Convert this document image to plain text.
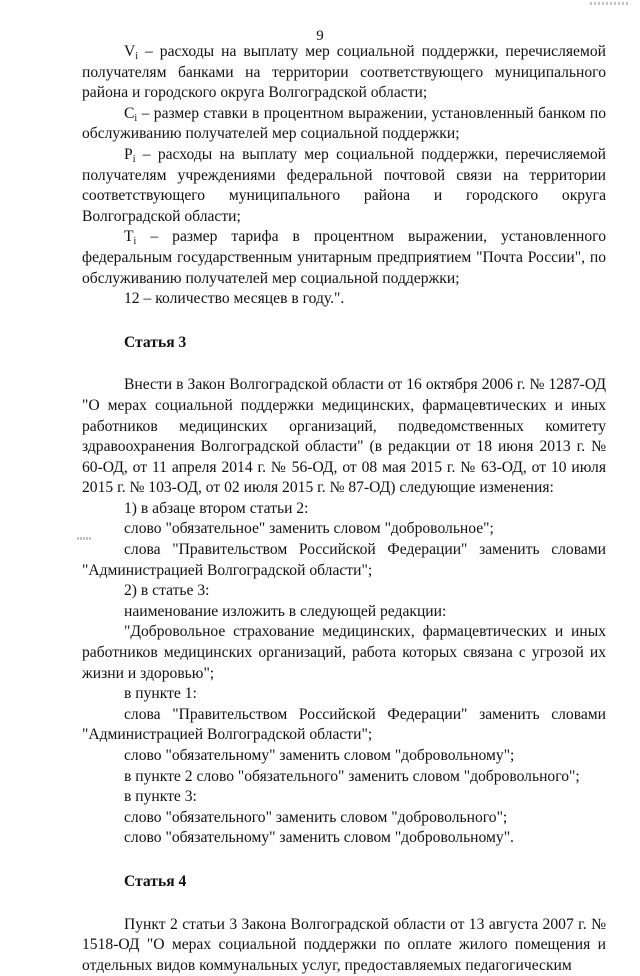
9

$V_i$ – расходы на выплату мер социальной поддержки, перечисляемой получателям банками на территории соответствующего муниципального района и городского округа Волгоградской области;

$C_i$ – размер ставки в процентном выражении, установленный банком по обслуживанию получателей мер социальной поддержки;

$P_i$ – расходы на выплату мер социальной поддержки, перечисляемой получателям учреждениями федеральной почтовой связи на территории соответствующего муниципального района и городского округа Волгоградской области;

$T_i$ – размер тарифа в процентном выражении, установленного федеральным государственным унитарным предприятием "Почта России", по обслуживанию получателей мер социальной поддержки;

12 – количество месяцев в году.".

Статья 3

Внести в Закон Волгоградской области от 16 октября 2006 г. № 1287-ОД "О мерах социальной поддержки медицинских, фармацевтических и иных работников медицинских организаций, подведомственных комитету здравоохранения Волгоградской области" (в редакции от 18 июня 2013 г. № 60-ОД, от 11 апреля 2014 г. № 56-ОД, от 08 мая 2015 г. № 63-ОД, от 10 июля 2015 г. № 103-ОД, от 02 июля 2015 г. № 87-ОД) следующие изменения:

1) в абзаце втором статьи 2:

слово "обязательное" заменить словом "добровольное";

слова "Правительством Российской Федерации" заменить словами "Администрацией Волгоградской области";

2) в статье 3:

наименование изложить в следующей редакции:

"Добровольное страхование медицинских, фармацевтических и иных работников медицинских организаций, работа которых связана с угрозой их жизни и здоровью";

в пункте 1:

слова "Правительством Российской Федерации" заменить словами "Администрацией Волгоградской области";

слово "обязательному" заменить словом "добровольному";

в пункте 2 слово "обязательного" заменить словом "добровольного";

в пункте 3:

слово "обязательного" заменить словом "добровольного";

слово "обязательному" заменить словом "добровольному".

Статья 4

Пункт 2 статьи 3 Закона Волгоградской области от 13 августа 2007 г. № 1518-ОД "О мерах социальной поддержки по оплате жилого помещения и отдельных видов коммунальных услуг, предоставляемых педагогическим
